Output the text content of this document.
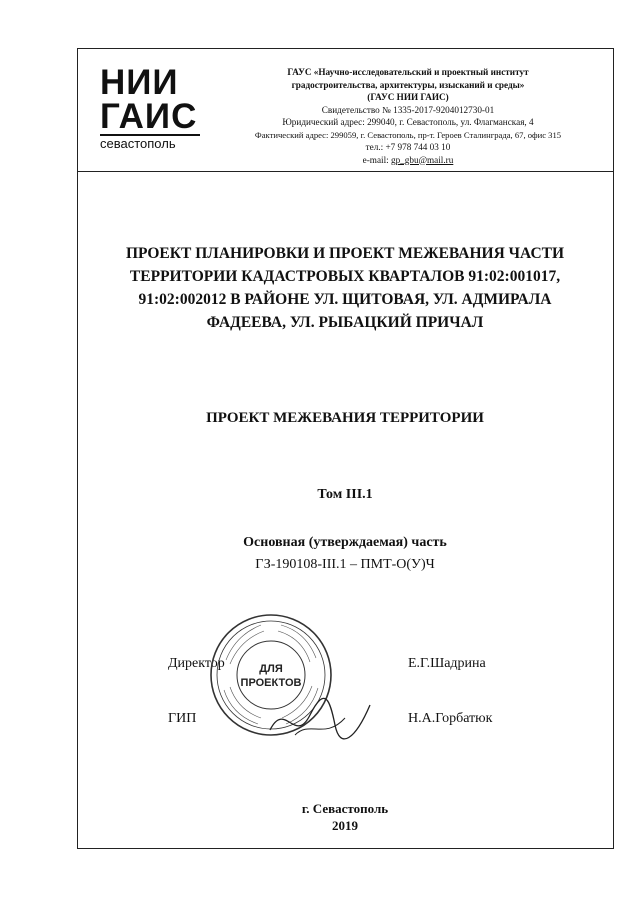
НИИ
ГАИС
севастополь
ГАУС «Научно-исследовательский и проектный институт
градостроительства, архитектуры, изысканий и среды»
(ГАУС НИИ ГАИС)
Свидетельство № 1335-2017-9204012730-01
Юридический адрес: 299040, г. Севастополь, ул. Флагманская, 4
Фактический адрес: 299059, г. Севастополь, пр-т. Героев Сталинграда, 67, офис 315
тел.: +7 978 744 03 10
e-mail: gp_gbu@mail.ru
ПРОЕКТ ПЛАНИРОВКИ И ПРОЕКТ МЕЖЕВАНИЯ ЧАСТИ
ТЕРРИТОРИИ КАДАСТРОВЫХ КВАРТАЛОВ 91:02:001017,
91:02:002012 В РАЙОНЕ УЛ. ЩИТОВАЯ, УЛ. АДМИРАЛА
ФАДЕЕВА, УЛ. РЫБАЦКИЙ ПРИЧАЛ
ПРОЕКТ МЕЖЕВАНИЯ ТЕРРИТОРИИ
Том III.1
Основная (утверждаемая) часть
ГЗ-190108-III.1 – ПМТ-О(У)Ч
Директор	Е.Г.Шадрина
ГИП	Н.А.Горбатюк
ДЛЯ
ПРОЕКТОВ
г. Севастополь
2019
